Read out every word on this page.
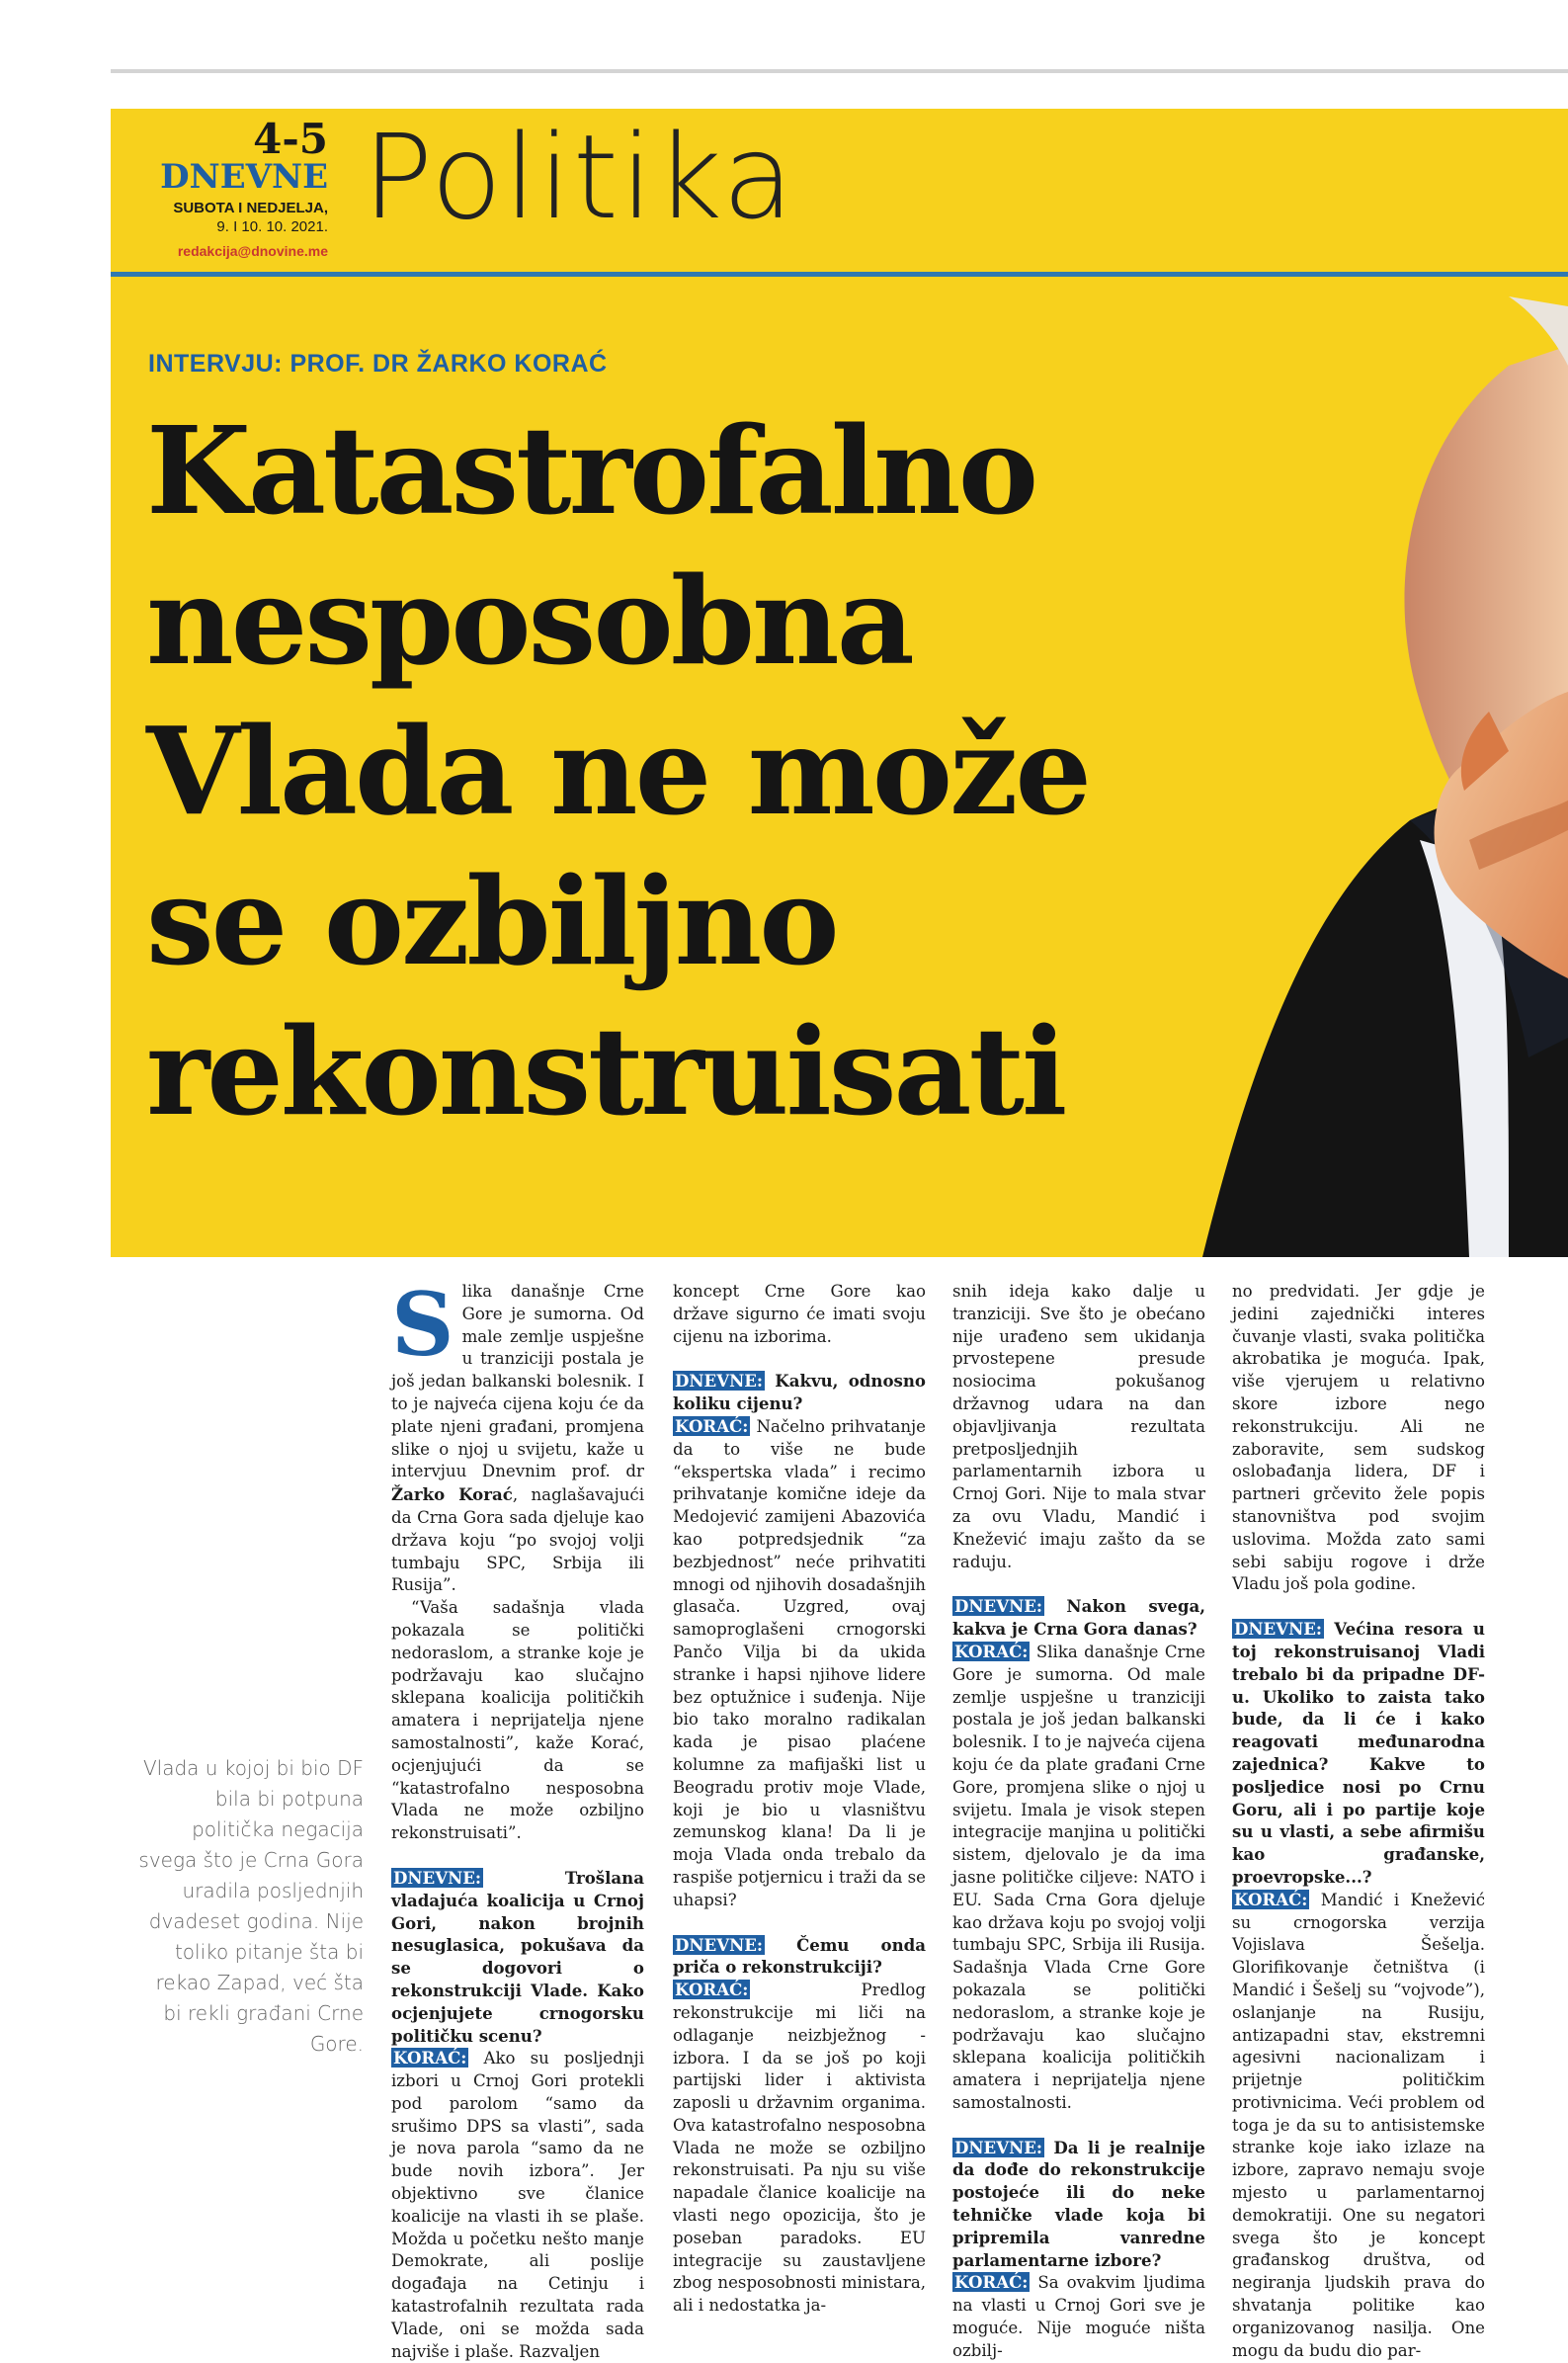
4-5
DNEVNE
SUBOTA I NEDJELJA,
9. I 10. 10. 2021.
redakcija@dnovine.me
Politika
INTERVJU: PROF. DR ŽARKO KORAĆ
Katastrofalno
nesposobna
Vlada ne može
se ozbiljno
rekonstruisati
Vlada u kojoj bi bio DF bila bi potpuna politička negacija svega što je Crna Gora uradila posljednjih dvadeset godina. Nije toliko pitanje šta bi rekao Zapad, već šta bi rekli građani Crne Gore.

Slika današnje Crne Gore je sumorna. Od male zemlje uspješne u tranziciji postala je još jedan balkanski bolesnik. I to je najveća cijena koju će da plate njeni građani, promjena slike o njoj u svijetu, kaže u intervjuu Dnevnim prof. dr Žarko Korać, naglašavajući da Crna Gora sada djeluje kao država koju “po svojoj volji tumbaju SPC, Srbija ili Rusija”.

“Vaša sadašnja vlada pokazala se politički nedoraslom, a stranke koje je podržavaju kao slučajno sklepana koalicija političkih amatera i neprijatelja njene samostalnosti”, kaže Korać, ocjenjujući da se “katastrofalno nesposobna Vlada ne može ozbiljno rekonstruisati”.

DNEVNE:	Trošlana vladajuća koalicija u Crnoj Gori, nakon brojnih nesuglasica, pokušava da se dogovori o rekonstrukciji Vlade. Kako ocjenjujete crnogorsku političku scenu?

KORAĆ: Ako su posljednji izbori u Crnoj Gori protekli pod parolom “samo da srušimo DPS sa vlasti”, sada je nova parola “samo da ne bude novih izbora”. Jer objektivno sve članice koalicije na vlasti ih se plaše. Možda u početku nešto manje Demokrate, ali poslije događaja na Cetinju i katastrofalnih rezultata rada Vlade, oni se možda sada najviše i plaše. Razvaljen

koncept Crne Gore kao države sigurno će imati svoju cijenu na izborima.

DNEVNE: Kakvu, odnosno koliku cijenu?

KORAĆ: Načelno prihvatanje da to više ne bude “ekspertska vlada” i recimo prihvatanje komične ideje da Medojević zamijeni Abazovića kao potpredsjednik “za bezbjednost” neće prihvatiti mnogi od njihovih dosadašnjih glasača. Uzgred, ovaj samoproglašeni crnogorski Pančo Vilja bi da ukida stranke i hapsi njihove lidere bez optužnice i suđenja. Nije bio tako moralno radikalan kada je pisao plaćene kolumne za mafijaški list u Beogradu protiv moje Vlade, koji je bio u vlasništvu zemunskog klana! Da li je moja Vlada onda trebalo da raspiše potjernicu i traži da se uhapsi?

DNEVNE: Čemu onda priča o rekonstrukciji?

KORAĆ:	Predlog rekonstrukcije mi liči na odlaganje neizbježnog - izbora. I da se još po koji partijski lider i aktivista zaposli u državnim organima. Ova katastrofalno nesposobna Vlada ne može se ozbiljno rekonstruisati. Pa nju su više napadale članice koalicije na vlasti nego opozicija, što je poseban paradoks. EU integracije su zaustavljene zbog nesposobnosti ministara, ali i nedostatka ja-

snih ideja kako dalje u tranziciji. Sve što je obećano nije urađeno sem ukidanja prvostepene presude nosiocima pokušanog državnog udara na dan objavljivanja rezultata pretposljednjih parlamentarnih izbora u Crnoj Gori. Nije to mala stvar za ovu Vladu, Mandić i Knežević imaju zašto da se raduju.

DNEVNE: Nakon svega, kakva je Crna Gora danas?

KORAĆ: Slika današnje Crne Gore je sumorna. Od male zemlje uspješne u tranziciji postala je još jedan balkanski bolesnik. I to je najveća cijena koju će da plate građani Crne Gore, promjena slike o njoj u svijetu. Imala je visok stepen integracije manjina u politički sistem, djelovalo je da ima jasne političke ciljeve: NATO i EU. Sada Crna Gora djeluje kao država koju po svojoj volji tumbaju SPC, Srbija ili Rusija. Sadašnja Vlada Crne Gore pokazala se politički nedoraslom, a stranke koje je podržavaju kao slučajno sklepana koalicija političkih amatera i neprijatelja njene samostalnosti.

DNEVNE: Da li je realnije da dođe do rekonstrukcije postojeće ili do neke tehničke vlade koja bi pripremila vanredne parlamentarne izbore?

KORAĆ: Sa ovakvim ljudima na vlasti u Crnoj Gori sve je moguće. Nije moguće ništa ozbilj-

no predvidati. Jer gdje je jedini zajednički interes čuvanje vlasti, svaka politička akrobatika je moguća. Ipak, više vjerujem u relativno skore izbore nego rekonstrukciju. Ali ne zaboravite, sem sudskog oslobađanja lidera, DF i partneri grčevito žele popis stanovništva pod svojim uslovima. Možda zato sami sebi sabiju rogove i drže Vladu još pola godine.

DNEVNE: Većina resora u toj rekonstruisanoj Vladi trebalo bi da pripadne DF-u. Ukoliko to zaista tako bude, da li će i kako reagovati međunarodna zajednica? Kakve to posljedice nosi po Crnu Goru, ali i po partije koje su u vlasti, a sebe afirmišu kao građanske, proevropske...?

KORAĆ: Mandić i Knežević su crnogorska verzija Vojislava Šešelja. Glorifikovanje četništva (i Mandić i Šešelj su “vojvode”), oslanjanje na Rusiju, antizapadni stav, ekstremni agesivni nacionalizam i prijetnje političkim protivnicima. Veći problem od toga je da su to antisistemske stranke koje iako izlaze na izbore, zapravo nemaju svoje mjesto u parlamentarnoj demokratiji. One su negatori svega što je koncept građanskog društva, od negiranja ljudskih prava do shvatanja politike kao organizovanog nasilja. One mogu da budu dio par-
